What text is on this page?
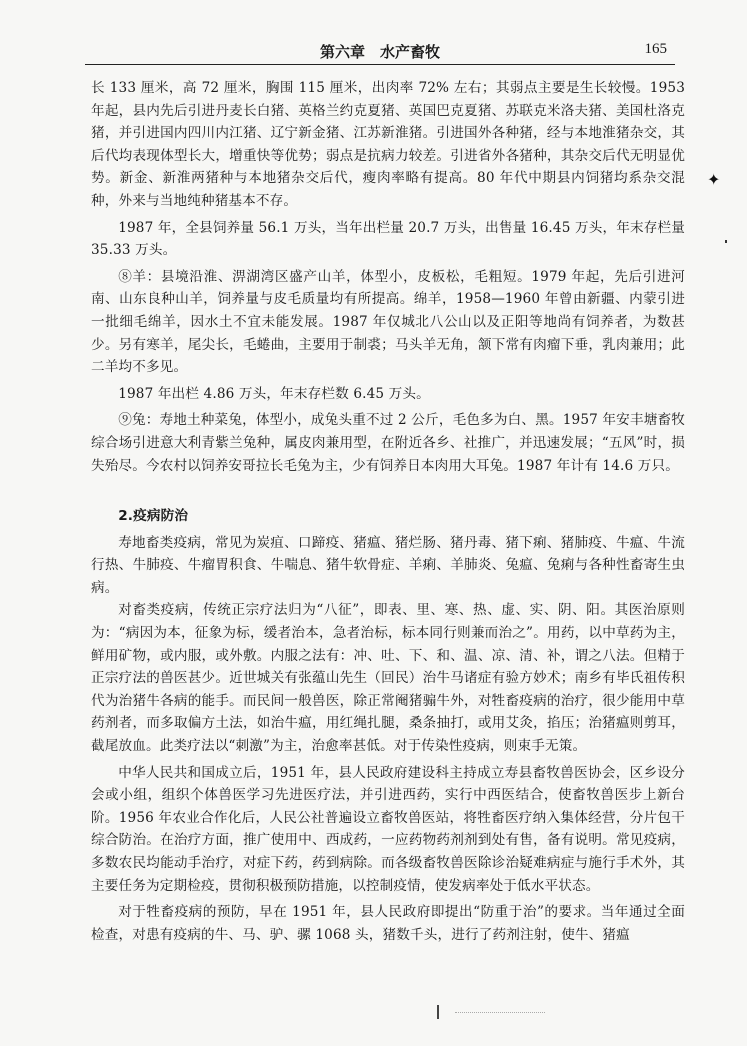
第六章　水产畜牧	165
✦

长 133 厘米，高 72 厘米，胸围 115 厘米，出肉率 72% 左右；其弱点主要是生长较慢。1953 年起，县内先后引进丹麦长白猪、英格兰约克夏猪、英国巴克夏猪、苏联克米洛夫猪、美国杜洛克猪，并引进国内四川内江猪、辽宁新金猪、江苏新淮猪。引进国外各种猪，经与本地淮猪杂交，其后代均表现体型长大，增重快等优势；弱点是抗病力较差。引进省外各猪种，其杂交后代无明显优势。新金、新淮两猪种与本地猪杂交后代，瘦肉率略有提高。80 年代中期县内饲猪均系杂交混种，外来与当地纯种猪基本不存。

1987 年，全县饲养量 56.1 万头，当年出栏量 20.7 万头，出售量 16.45 万头，年末存栏量 35.33 万头。

⑧羊：县境沿淮、淠湖湾区盛产山羊，体型小，皮板松，毛粗短。1979 年起，先后引进河南、山东良种山羊，饲养量与皮毛质量均有所提高。绵羊，1958—1960 年曾由新疆、内蒙引进一批细毛绵羊，因水土不宜未能发展。1987 年仅城北八公山以及正阳等地尚有饲养者，为数甚少。另有寒羊，尾尖长，毛蜷曲，主要用于制裘；马头羊无角，颔下常有肉瘤下垂，乳肉兼用；此二羊均不多见。

1987 年出栏 4.86 万头，年末存栏数 6.45 万头。

⑨兔：寿地土种菜兔，体型小，成兔头重不过 2 公斤，毛色多为白、黑。1957 年安丰塘畜牧综合场引进意大利青紫兰兔种，属皮肉兼用型，在附近各乡、社推广，并迅速发展；“五风”时，损失殆尽。今农村以饲养安哥拉长毛兔为主，少有饲养日本肉用大耳兔。1987 年计有 14.6 万只。

2.疫病防治

寿地畜类疫病，常见为炭疽、口蹄疫、猪瘟、猪烂肠、猪丹毒、猪下痢、猪肺疫、牛瘟、牛流行热、牛肺疫、牛瘤胃积食、牛喘息、猪牛软骨症、羊痢、羊肺炎、兔瘟、兔痢与各种性畜寄生虫病。

对畜类疫病，传统正宗疗法归为“八征”，即表、里、寒、热、虚、实、阴、阳。其医治原则为：“病因为本，征象为标，缓者治本，急者治标，标本同行则兼而治之”。用药，以中草药为主，鲜用矿物，或内服，或外敷。内服之法有：冲、吐、下、和、温、凉、清、补，谓之八法。但精于正宗疗法的兽医甚少。近世城关有张蕴山先生（回民）治牛马诸症有验方妙术；南乡有毕氏祖传积代为治猪牛各病的能手。而民间一般兽医，除正常阉猪骟牛外，对牲畜疫病的治疗，很少能用中草药剂者，而多取偏方土法，如治牛瘟，用红绳扎腿，桑条抽打，或用艾灸，掐压；治猪瘟则剪耳，截尾放血。此类疗法以“刺激”为主，治愈率甚低。对于传染性疫病，则束手无策。

中华人民共和国成立后，1951 年，县人民政府建设科主持成立寿县畜牧兽医协会，区乡设分会或小组，组织个体兽医学习先进医疗法，并引进西药，实行中西医结合，使畜牧兽医步上新台阶。1956 年农业合作化后，人民公社普遍设立畜牧兽医站，将牲畜医疗纳入集体经营，分片包干综合防治。在治疗方面，推广使用中、西成药，一应药物药剂剂到处有售，备有说明。常见疫病，多数农民均能动手治疗，对症下药，药到病除。而各级畜牧兽医除诊治疑难病症与施行手术外，其主要任务为定期检疫，贯彻积极预防措施，以控制疫情，使发病率处于低水平状态。

对于牲畜疫病的预防，早在 1951 年，县人民政府即提出“防重于治”的要求。当年通过全面检查，对患有疫病的牛、马、驴、骡 1068 头，猪数千头，进行了药剂注射，使牛、猪瘟
